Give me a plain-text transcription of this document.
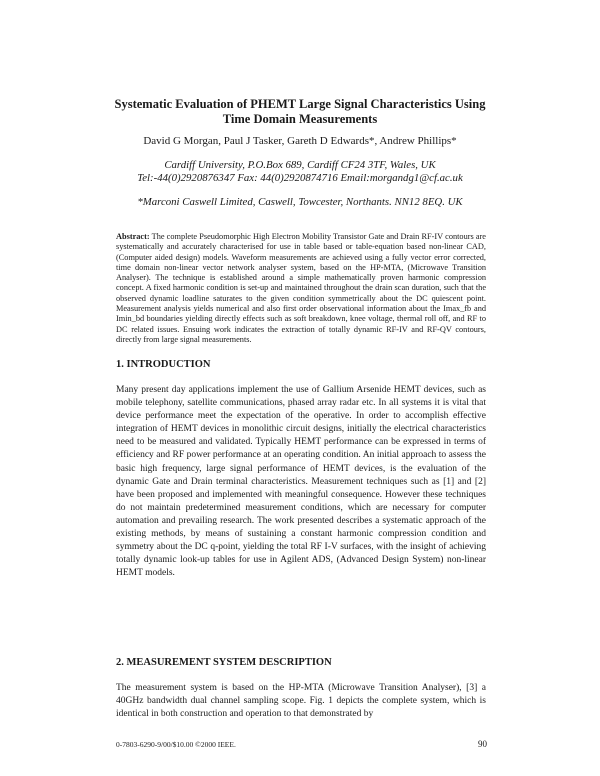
Systematic Evaluation of PHEMT Large Signal Characteristics Using
Time Domain Measurements
David G Morgan, Paul J Tasker, Gareth D Edwards*, Andrew Phillips*
Cardiff University, P.O.Box 689, Cardiff CF24 3TF, Wales, UK
Tel:-44(0)2920876347 Fax: 44(0)2920874716 Email:morgandg1@cf.ac.uk
*Marconi Caswell Limited, Caswell, Towcester, Northants. NN12 8EQ. UK
Abstract: The complete Pseudomorphic High Electron Mobility Transistor Gate and Drain RF-IV contours are systematically and accurately characterised for use in table based or table-equation based non-linear CAD, (Computer aided design) models. Waveform measurements are achieved using a fully vector error corrected, time domain non-linear vector network analyser system, based on the HP-MTA, (Microwave Transition Analyser). The technique is established around a simple mathematically proven harmonic compression concept. A fixed harmonic condition is set-up and maintained throughout the drain scan duration, such that the observed dynamic loadline saturates to the given condition symmetrically about the DC quiescent point. Measurement analysis yields numerical and also first order observational information about the Imax_fb and Imin_bd boundaries yielding directly effects such as soft breakdown, knee voltage, thermal roll off, and RF to DC related issues. Ensuing work indicates the extraction of totally dynamic RF-IV and RF-QV contours, directly from large signal measurements.
1. INTRODUCTION
Many present day applications implement the use of Gallium Arsenide HEMT devices, such as mobile telephony, satellite communications, phased array radar etc. In all systems it is vital that device performance meet the expectation of the operative. In order to accomplish effective integration of HEMT devices in monolithic circuit designs, initially the electrical characteristics need to be measured and validated. Typically HEMT performance can be expressed in terms of efficiency and RF power performance at an operating condition. An initial approach to assess the basic high frequency, large signal performance of HEMT devices, is the evaluation of the dynamic Gate and Drain terminal characteristics. Measurement techniques such as [1] and [2] have been proposed and implemented with meaningful consequence. However these techniques do not maintain predetermined measurement conditions, which are necessary for computer automation and prevailing research. The work presented describes a systematic approach of the existing methods, by means of sustaining a constant harmonic compression condition and symmetry about the DC q-point, yielding the total RF I-V surfaces, with the insight of achieving totally dynamic look-up tables for use in Agilent ADS, (Advanced Design System) non-linear HEMT models.
2. MEASUREMENT SYSTEM DESCRIPTION
The measurement system is based on the HP-MTA (Microwave Transition Analyser), [3] a 40GHz bandwidth dual channel sampling scope. Fig. 1 depicts the complete system, which is identical in both construction and operation to that demonstrated by
0-7803-6290-9/00/$10.00 ©2000 IEEE.	90
